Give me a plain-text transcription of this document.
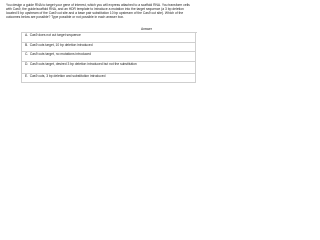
You design a guide RNA to target your gene of interest, which you will express attached to a scaffold RNA. You transform cells with Cas9, the guide/scaffold RNA, and an HDR template to introduce a mutation into the target sequence (a 3 bp deletion located 5 bp upstream of the Cas9 cut site and a base pair substitution 10 bp upstream of the Cas9 cut site). Which of the outcomes below are possible? Type possible or not possible in each answer box.

Answer
A. Cas9 does not cut target sequence
B. Cas9 cuts target, 10 bp deletion introduced
C. Cas9 cuts target, no mutations introduced
D. Cas9 cuts target, desired 3 bp deletion introduced but not the substitution
E. Cas9 cuts, 3 bp deletion and substitution introduced
